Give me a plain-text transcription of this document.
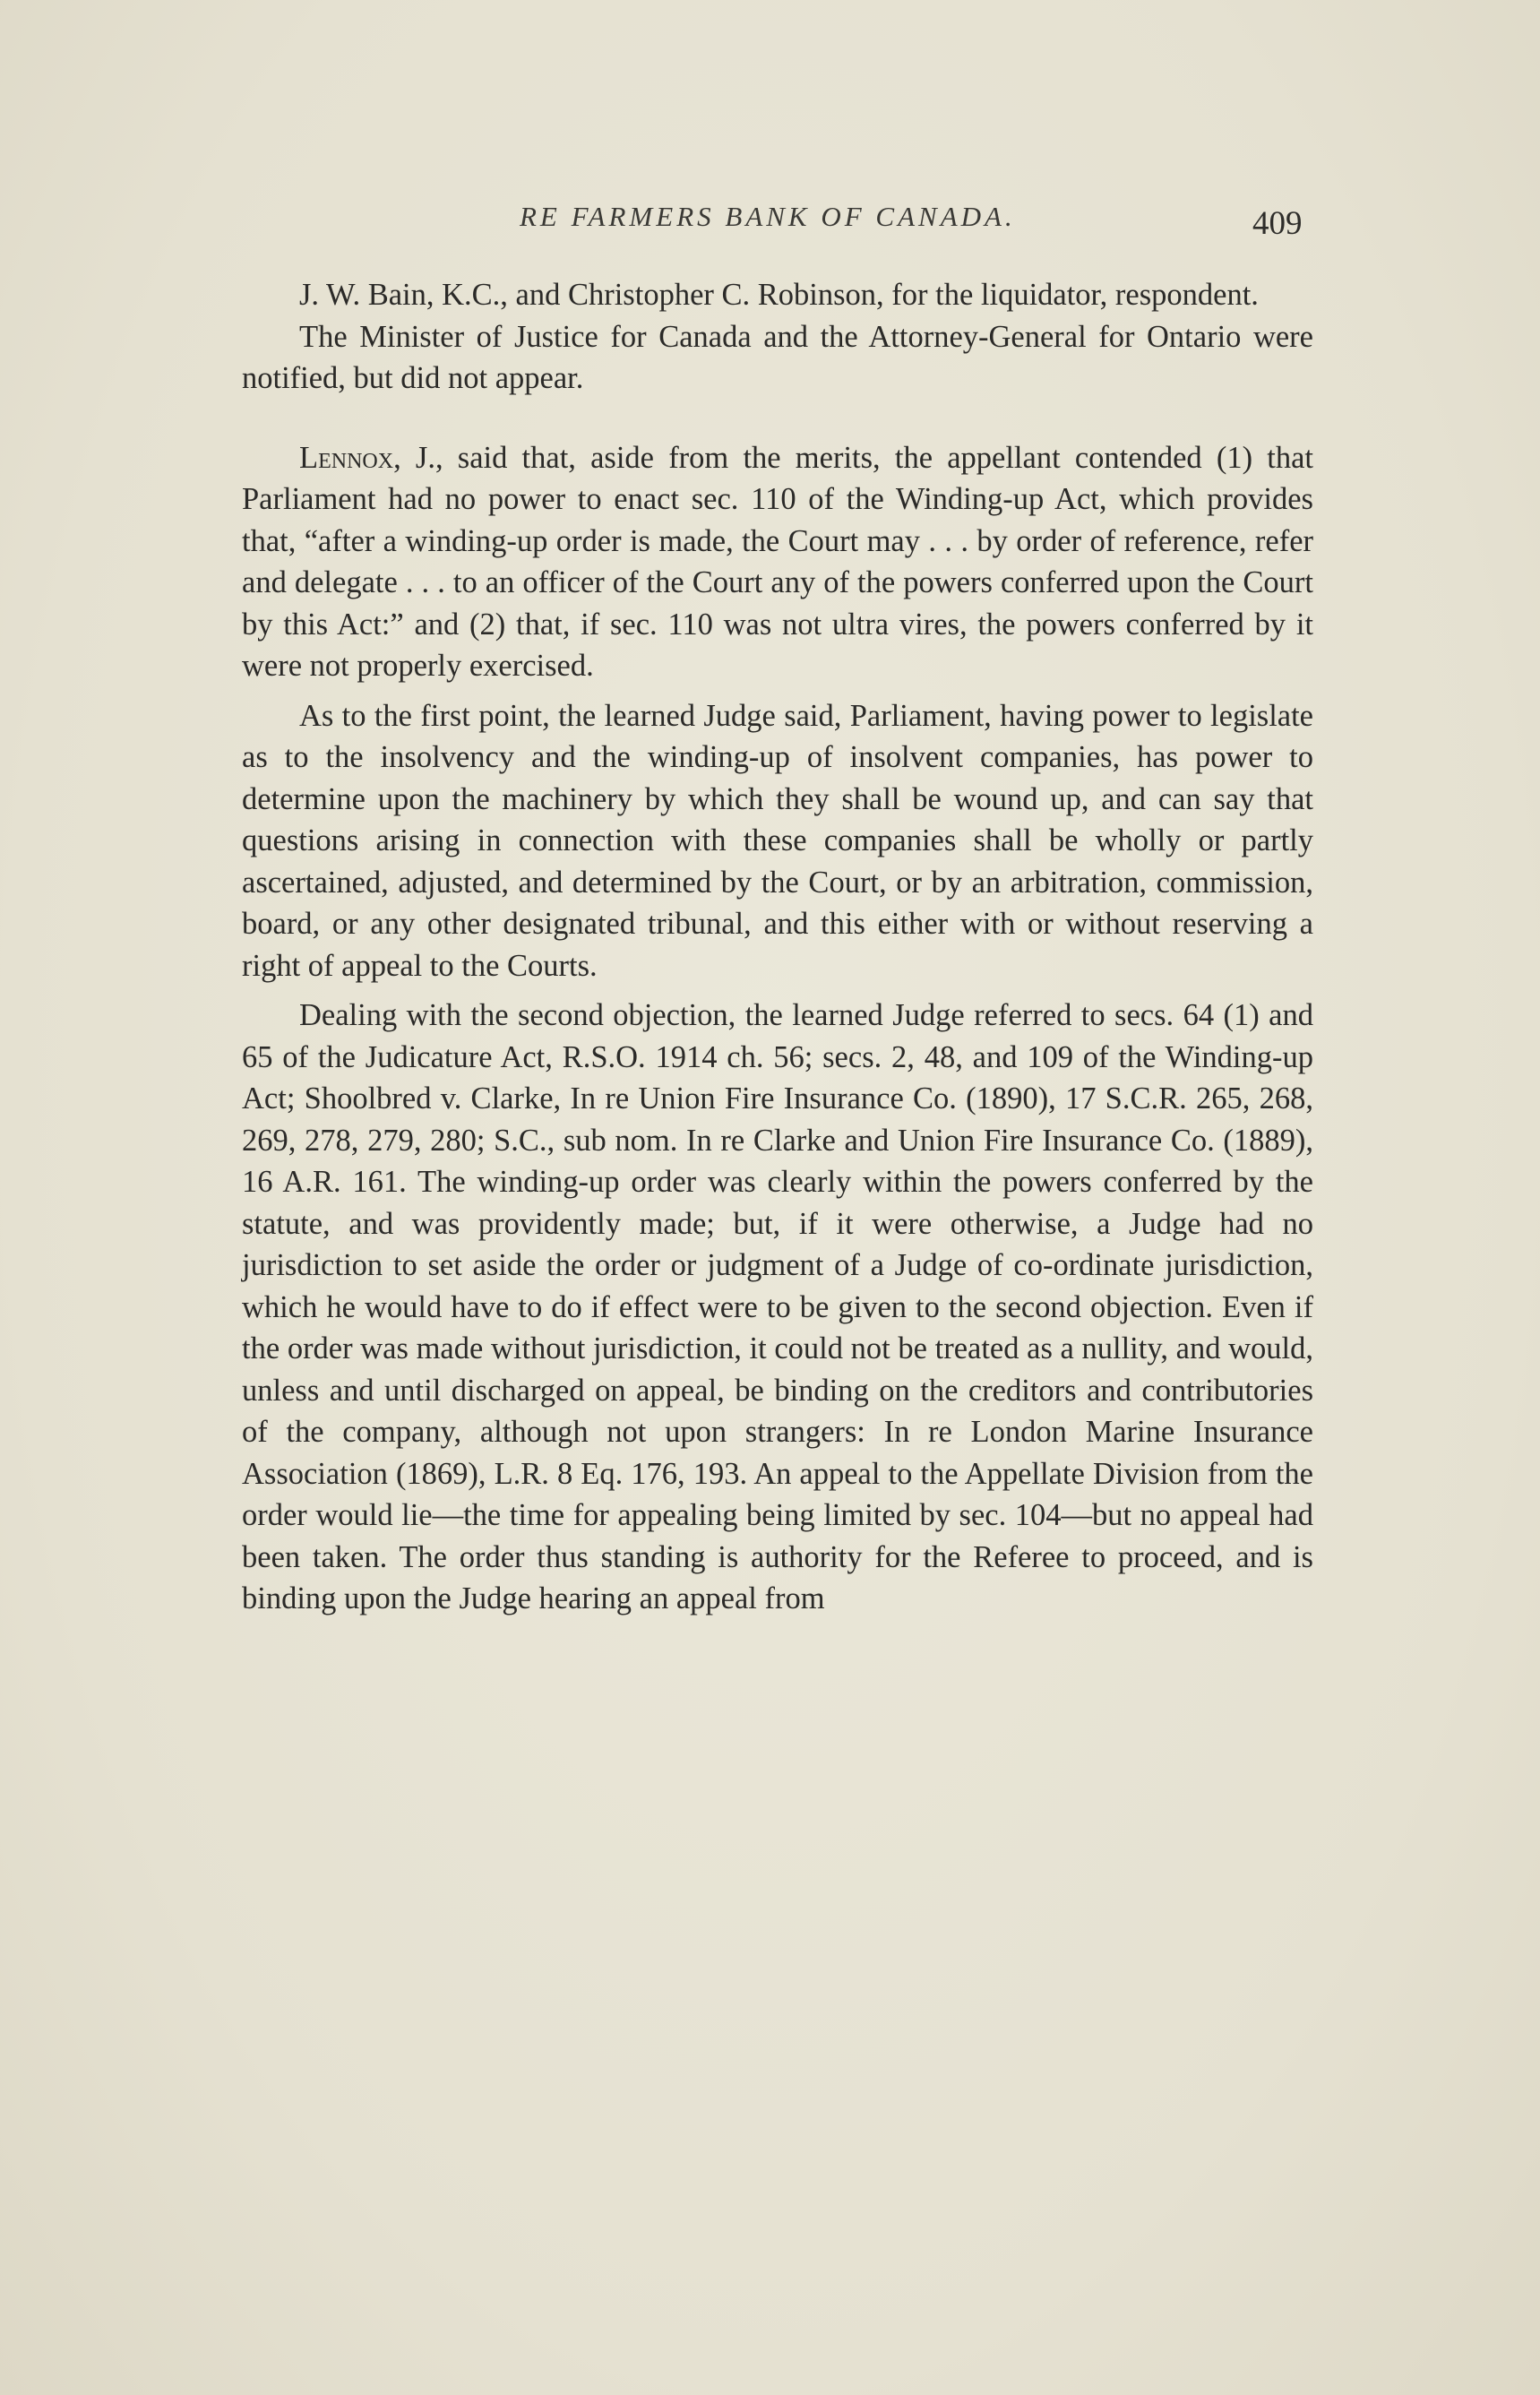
RE FARMERS BANK OF CANADA.	409

J. W. Bain, K.C., and Christopher C. Robinson, for the liquidator, respondent.

The Minister of Justice for Canada and the Attorney-General for Ontario were notified, but did not appear.

Lennox, J., said that, aside from the merits, the appellant contended (1) that Parliament had no power to enact sec. 110 of the Winding-up Act, which provides that, “after a winding-up order is made, the Court may . . . by order of reference, refer and delegate . . . to an officer of the Court any of the powers conferred upon the Court by this Act:” and (2) that, if sec. 110 was not ultra vires, the powers conferred by it were not properly exercised.

As to the first point, the learned Judge said, Parliament, having power to legislate as to the insolvency and the winding-up of insolvent companies, has power to determine upon the machinery by which they shall be wound up, and can say that questions arising in connection with these companies shall be wholly or partly ascertained, adjusted, and determined by the Court, or by an arbitration, commission, board, or any other designated tribunal, and this either with or without reserving a right of appeal to the Courts.

Dealing with the second objection, the learned Judge referred to secs. 64 (1) and 65 of the Judicature Act, R.S.O. 1914 ch. 56; secs. 2, 48, and 109 of the Winding-up Act; Shoolbred v. Clarke, In re Union Fire Insurance Co. (1890), 17 S.C.R. 265, 268, 269, 278, 279, 280; S.C., sub nom. In re Clarke and Union Fire Insurance Co. (1889), 16 A.R. 161. The winding-up order was clearly within the powers conferred by the statute, and was providently made; but, if it were otherwise, a Judge had no jurisdiction to set aside the order or judgment of a Judge of co-ordinate jurisdiction, which he would have to do if effect were to be given to the second objection. Even if the order was made without jurisdiction, it could not be treated as a nullity, and would, unless and until discharged on appeal, be binding on the creditors and contributories of the company, although not upon strangers: In re London Marine Insurance Association (1869), L.R. 8 Eq. 176, 193. An appeal to the Appellate Division from the order would lie—the time for appealing being limited by sec. 104—but no appeal had been taken. The order thus standing is authority for the Referee to proceed, and is binding upon the Judge hearing an appeal from
